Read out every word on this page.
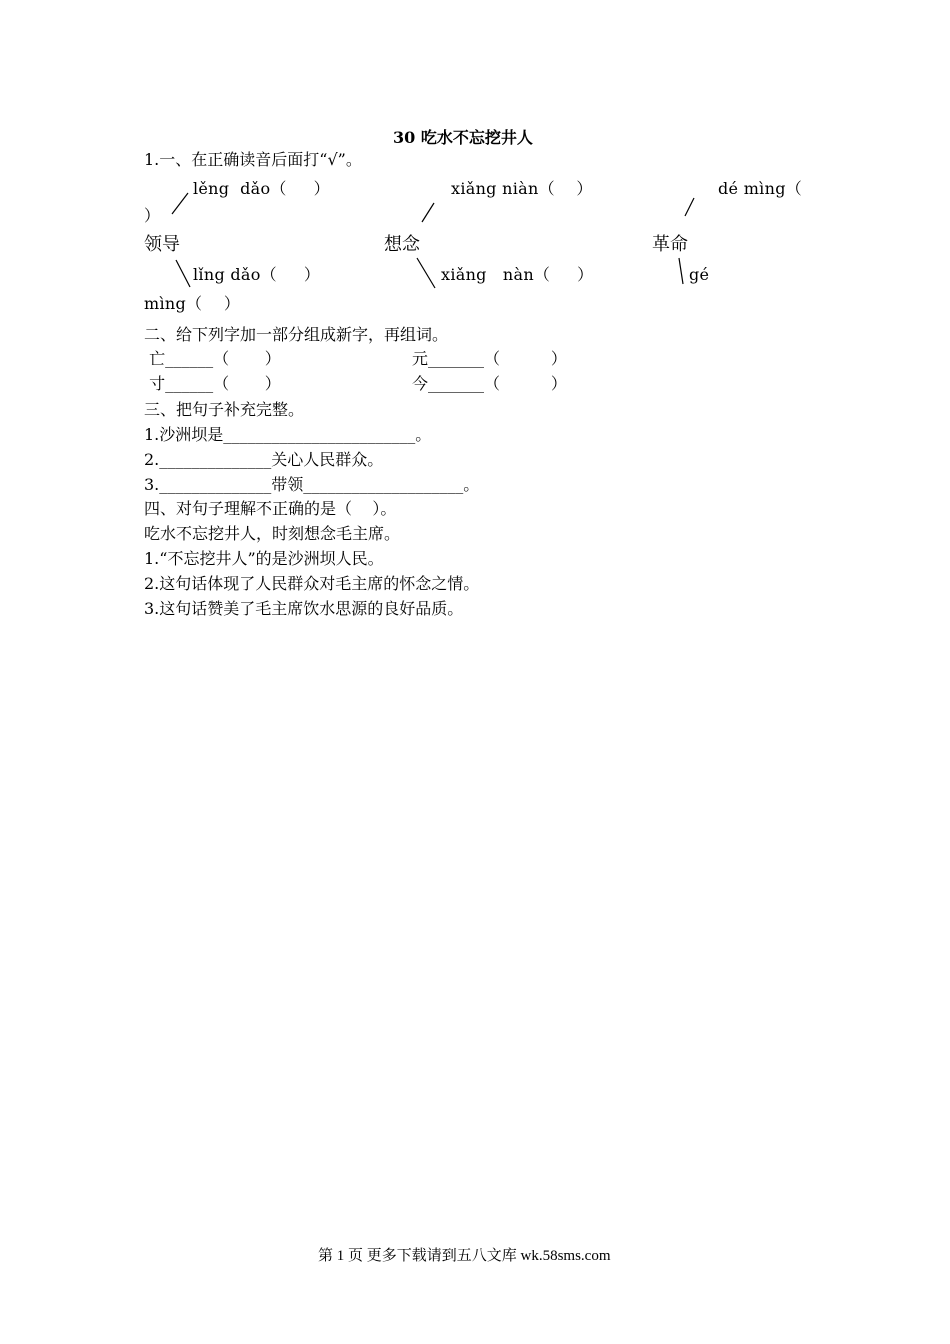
30 吃水不忘挖井人
1.一、在正确读音后面打“√”。
lěng  dǎo（     ）	xiǎng niàn（    ）	dé mìng（
）
领导	想念	革命
lǐng dǎo（     ）	xiǎng   nàn（     ）	gé
mìng（    ）
二、给下列字加一部分组成新字，再组词。
亡______（       ）	元_______（          ）
寸______（       ）	今_______（          ）
三、把句子补充完整。
1.沙洲坝是________________________。
2.______________关心人民群众。
3.______________带领____________________。
四、对句子理解不正确的是（    ）。
吃水不忘挖井人，时刻想念毛主席。
1.“不忘挖井人”的是沙洲坝人民。
2.这句话体现了人民群众对毛主席的怀念之情。
3.这句话赞美了毛主席饮水思源的良好品质。
第 1 页 更多下载请到五八文库 wk.58sms.com
